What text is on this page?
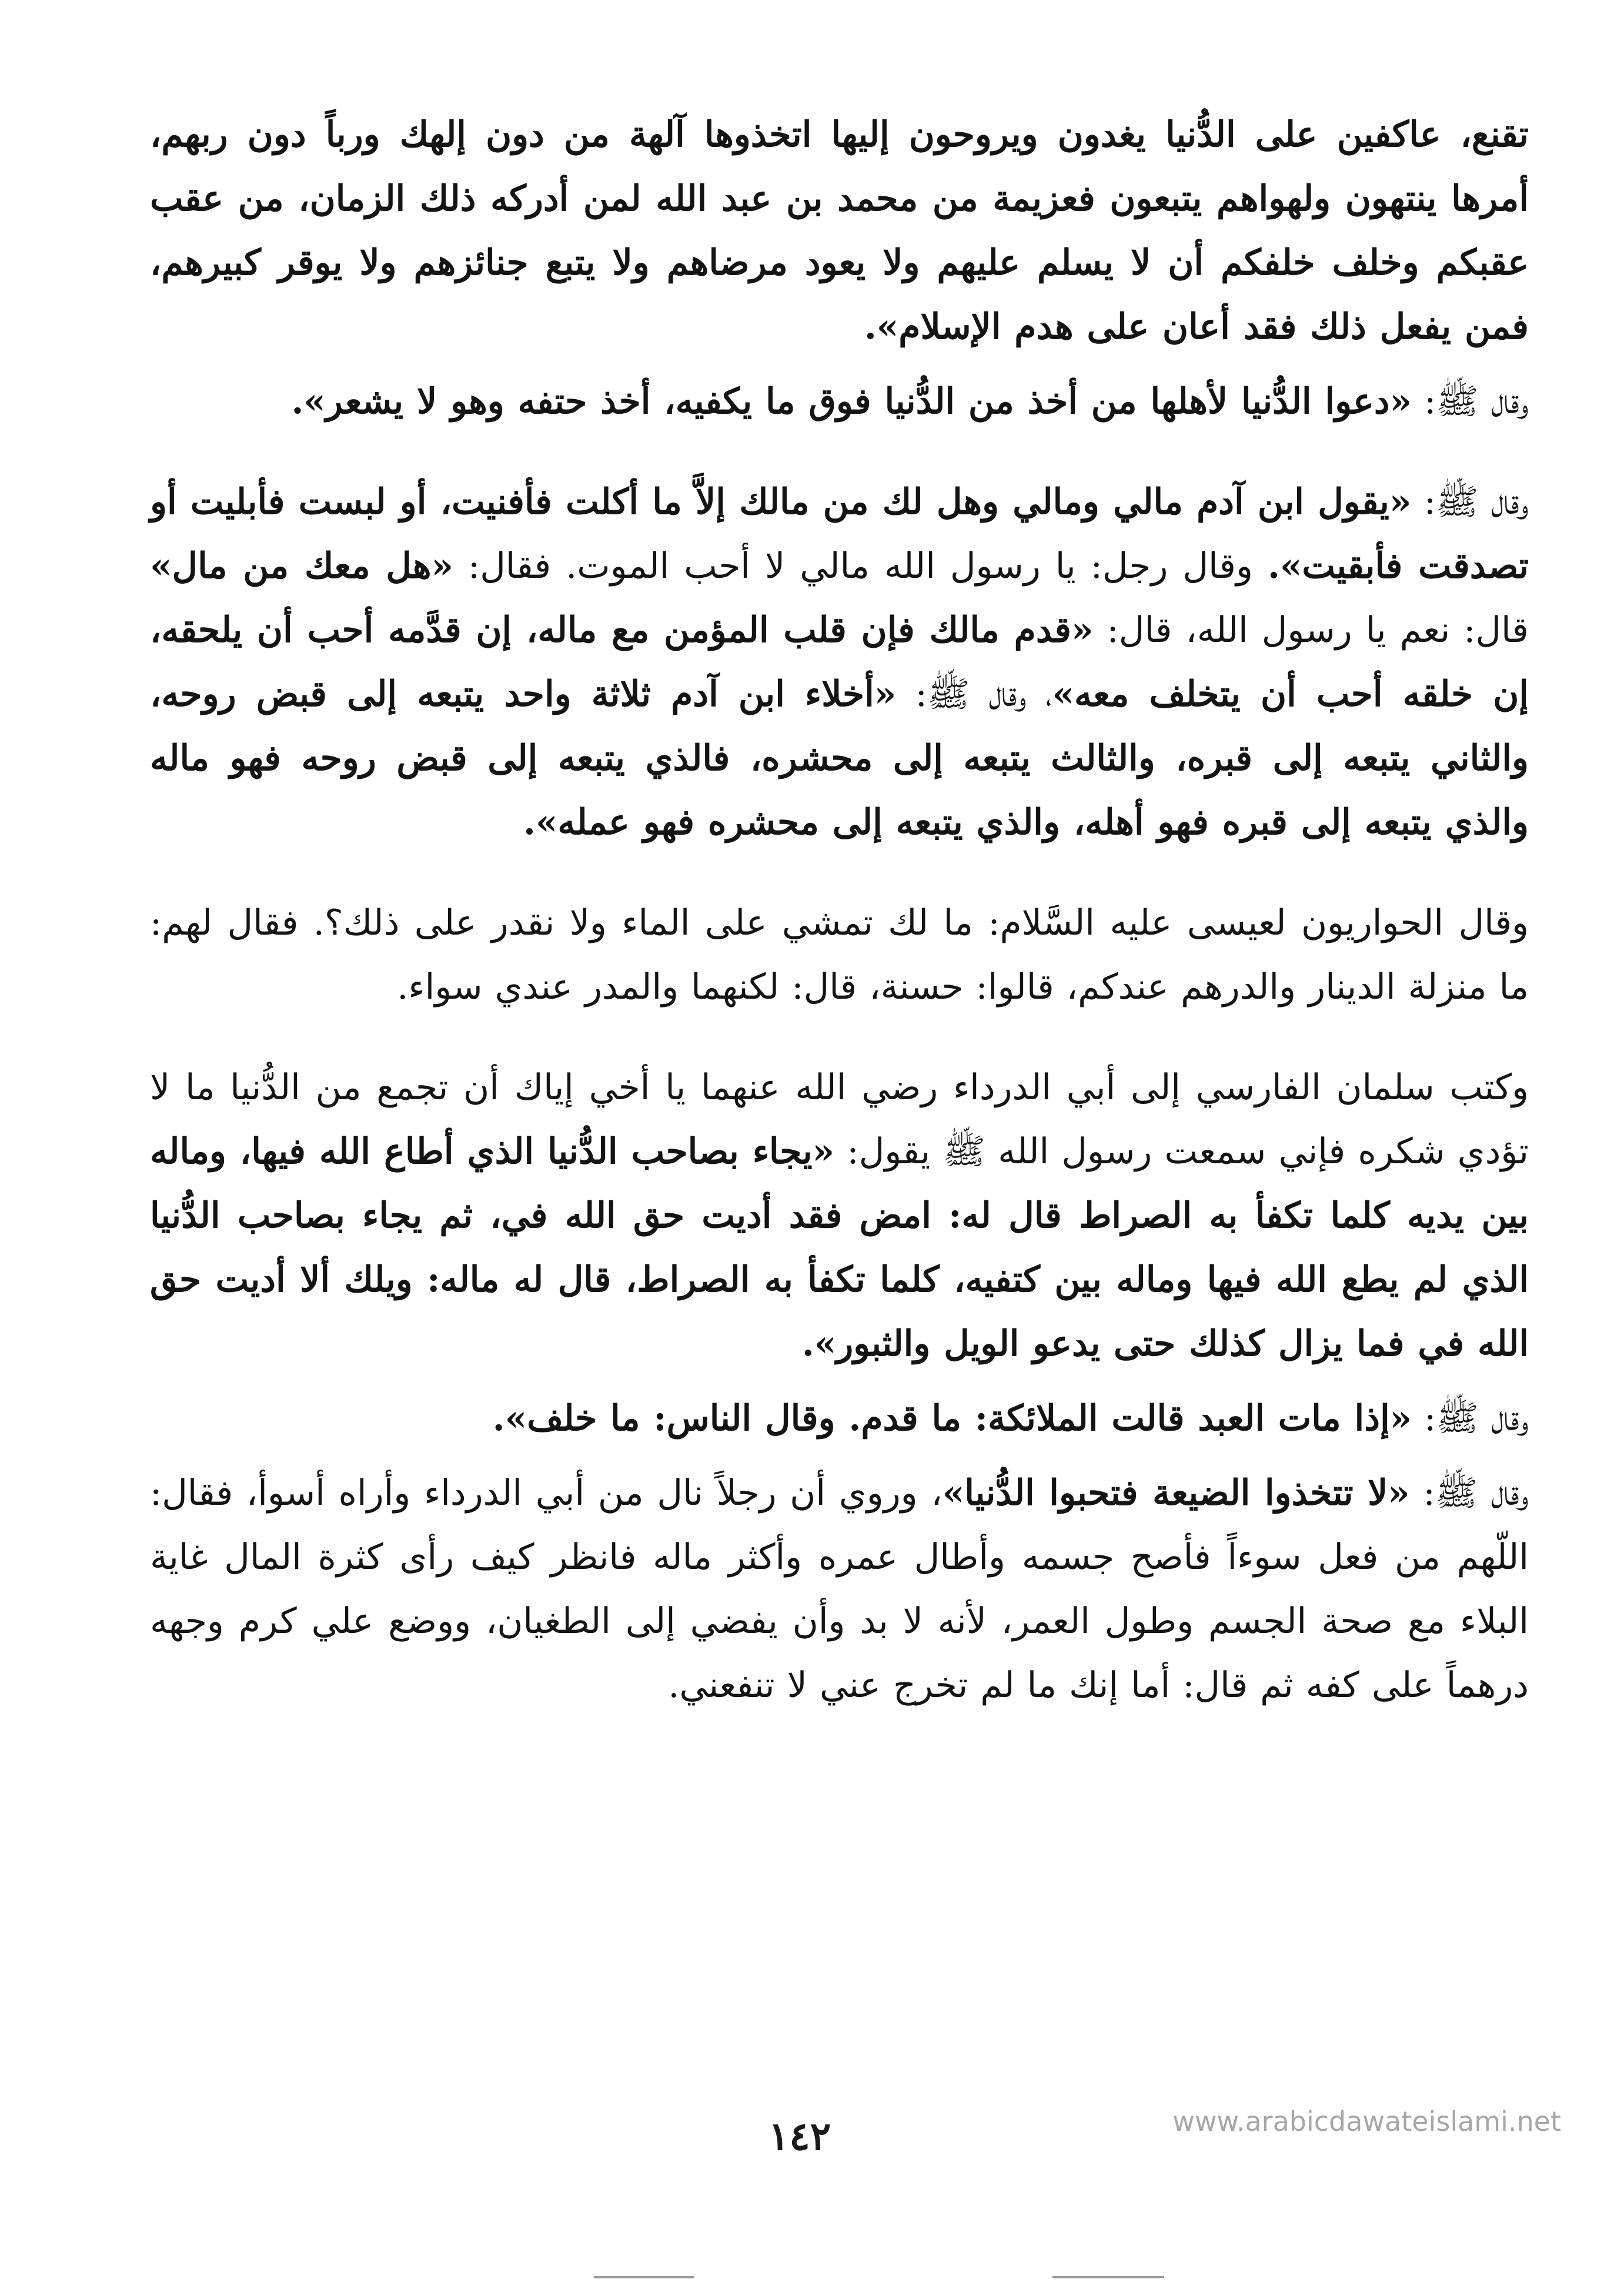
تقنع، عاكفين على الدُّنيا يغدون ويروحون إليها اتخذوها آلهة من دون إلهك ورباً دون ربهم، أمرها ينتهون ولهواهم يتبعون فعزيمة من محمد بن عبد الله لمن أدركه ذلك الزمان، من عقب عقبكم وخلف خلفكم أن لا يسلم عليهم ولا يعود مرضاهم ولا يتبع جنائزهم ولا يوقر كبيرهم، فمن يفعل ذلك فقد أعان على هدم الإسلام».

وقال ﷺ: «دعوا الدُّنيا لأهلها من أخذ من الدُّنيا فوق ما يكفيه، أخذ حتفه وهو لا يشعر».

وقال ﷺ: «يقول ابن آدم مالي ومالي وهل لك من مالك إلاَّ ما أكلت فأفنيت، أو لبست فأبليت أو تصدقت فأبقيت». وقال رجل: يا رسول الله مالي لا أحب الموت. فقال: «هل معك من مال» قال: نعم يا رسول الله، قال: «قدم مالك فإن قلب المؤمن مع ماله، إن قدَّمه أحب أن يلحقه، إن خلقه أحب أن يتخلف معه»، وقال ﷺ: «أخلاء ابن آدم ثلاثة واحد يتبعه إلى قبض روحه، والثاني يتبعه إلى قبره، والثالث يتبعه إلى محشره، فالذي يتبعه إلى قبض روحه فهو ماله والذي يتبعه إلى قبره فهو أهله، والذي يتبعه إلى محشره فهو عمله».

وقال الحواريون لعيسى عليه السَّلام: ما لك تمشي على الماء ولا نقدر على ذلك؟. فقال لهم: ما منزلة الدينار والدرهم عندكم، قالوا: حسنة، قال: لكنهما والمدر عندي سواء.

وكتب سلمان الفارسي إلى أبي الدرداء رضي الله عنهما يا أخي إياك أن تجمع من الدُّنيا ما لا تؤدي شكره فإني سمعت رسول الله ﷺ يقول: «يجاء بصاحب الدُّنيا الذي أطاع الله فيها، وماله بين يديه كلما تكفأ به الصراط قال له: امض فقد أديت حق الله في، ثم يجاء بصاحب الدُّنيا الذي لم يطع الله فيها وماله بين كتفيه، كلما تكفأ به الصراط، قال له ماله: ويلك ألا أديت حق الله في فما يزال كذلك حتى يدعو الويل والثبور».

وقال ﷺ: «إذا مات العبد قالت الملائكة: ما قدم. وقال الناس: ما خلف».

وقال ﷺ: «لا تتخذوا الضيعة فتحبوا الدُّنيا»، وروي أن رجلاً نال من أبي الدرداء وأراه أسوأ، فقال: اللّهم من فعل سوءاً فأصح جسمه وأطال عمره وأكثر ماله فانظر كيف رأى كثرة المال غاية البلاء مع صحة الجسم وطول العمر، لأنه لا بد وأن يفضي إلى الطغيان، ووضع علي كرم وجهه درهماً على كفه ثم قال: أما إنك ما لم تخرج عني لا تنفعني.

١٤٢	www.arabicdawateislami.net
